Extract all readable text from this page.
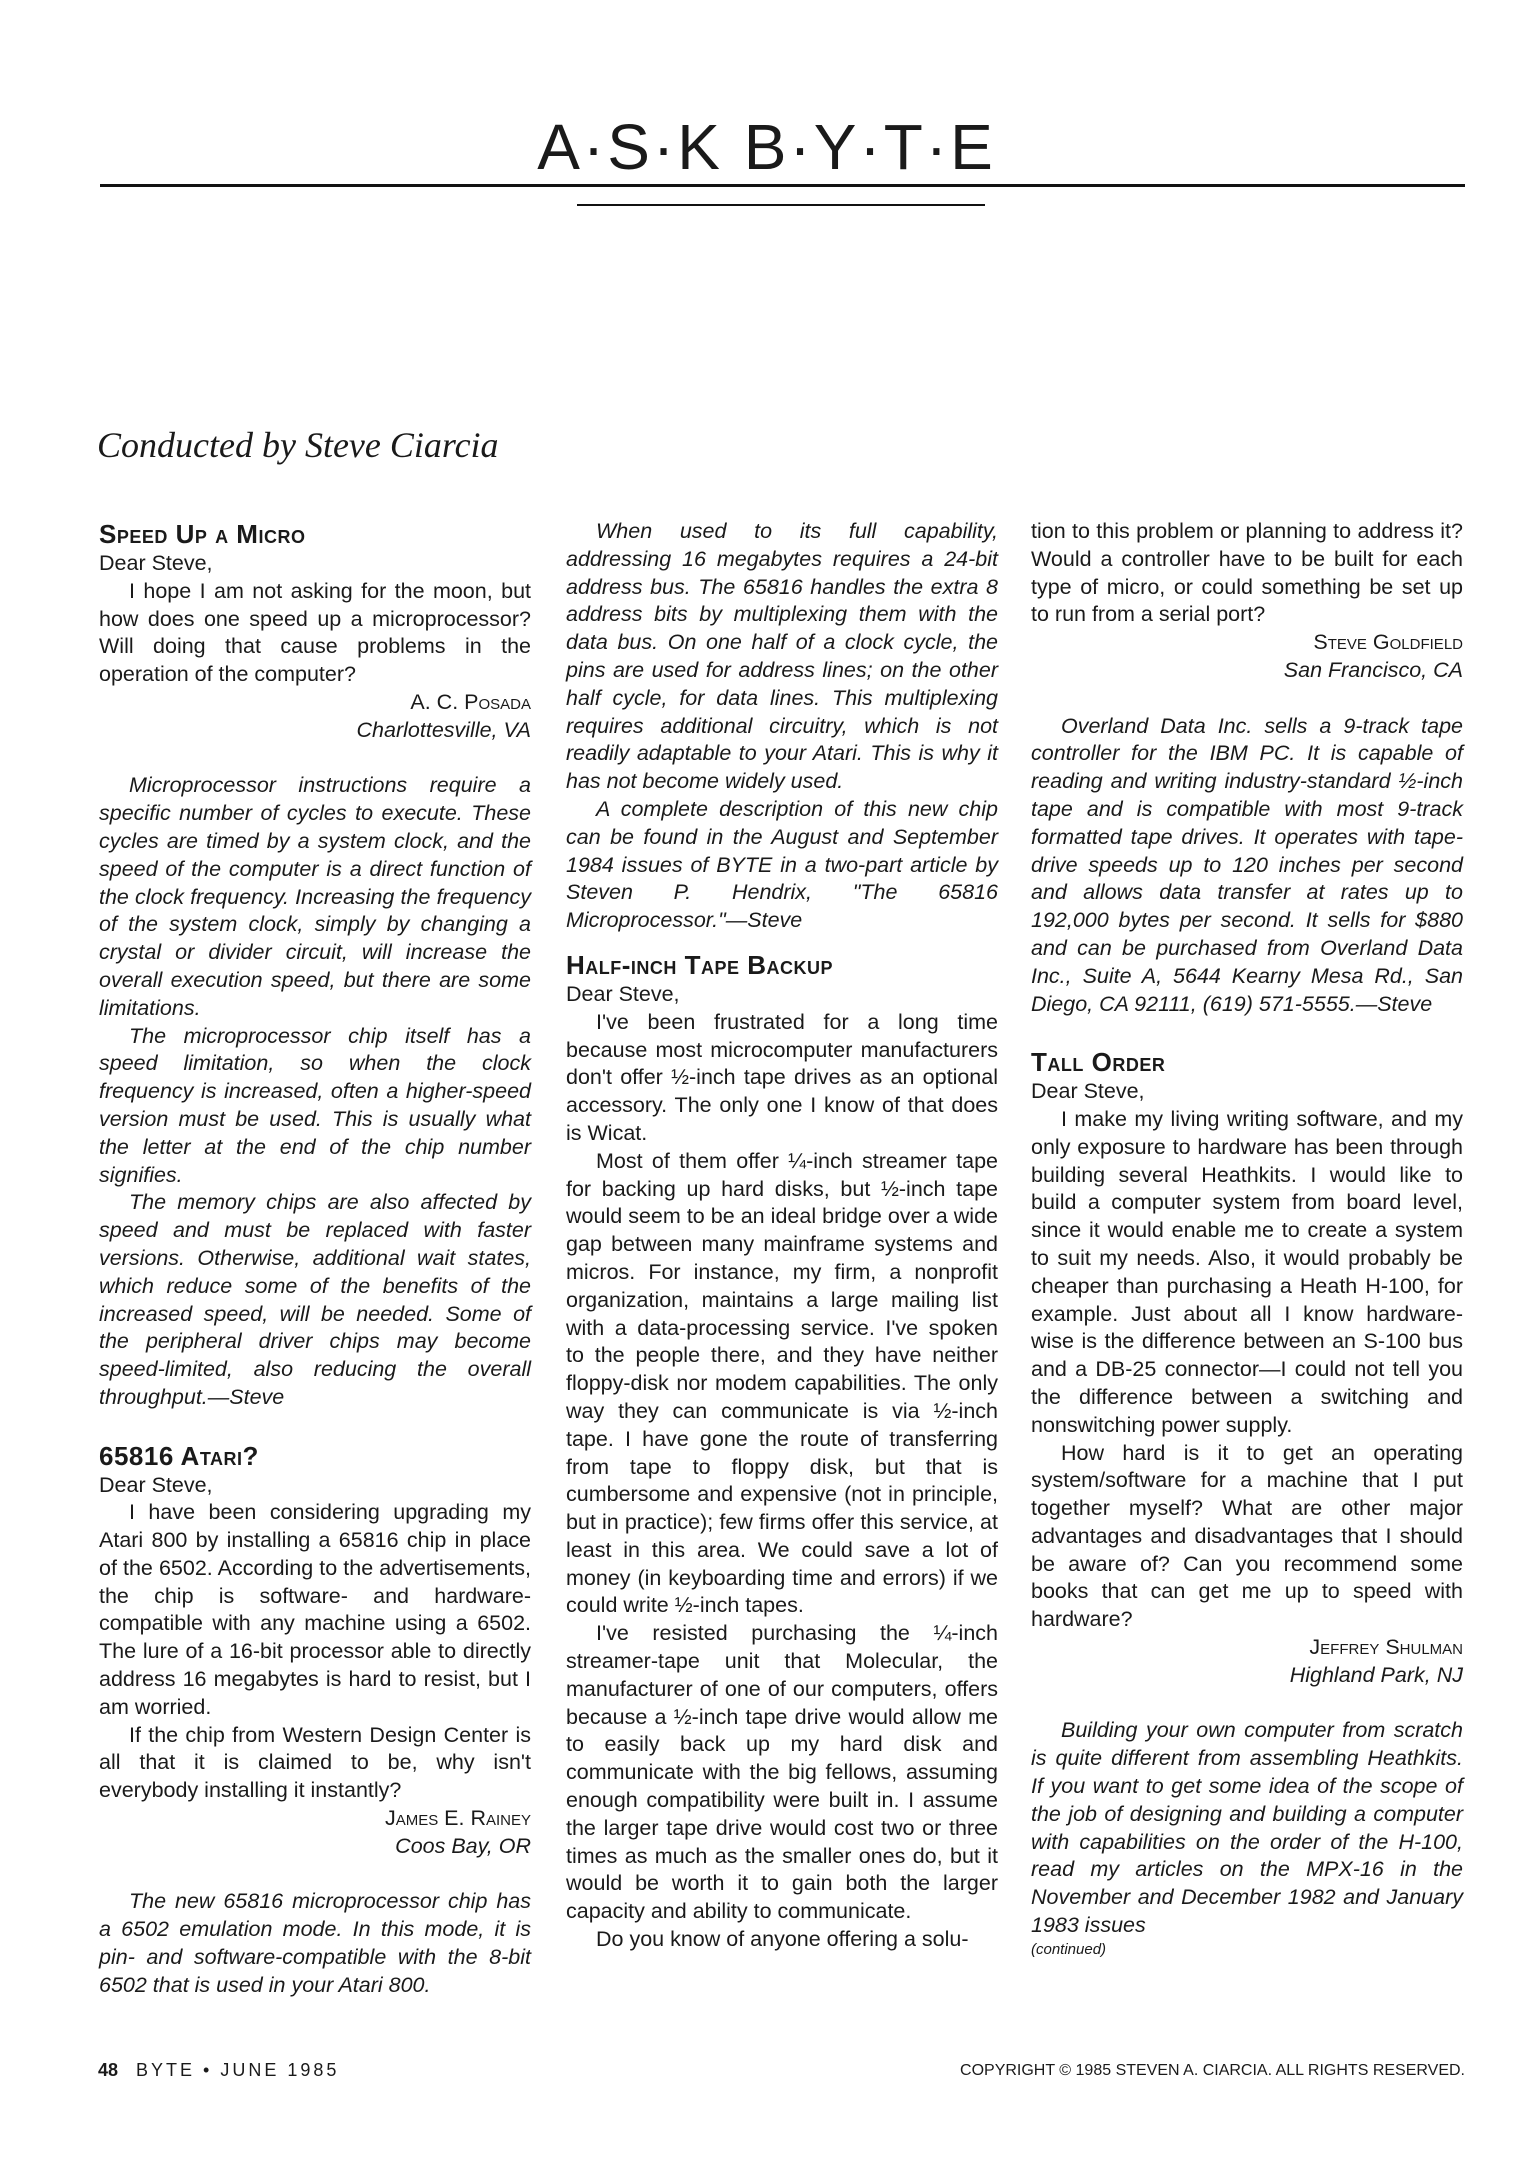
A·S·K B·Y·T·E
Conducted by Steve Ciarcia
Speed Up a Micro

Dear Steve,

I hope I am not asking for the moon, but how does one speed up a microprocessor? Will doing that cause problems in the operation of the computer?

A. C. Posada

Charlottesville, VA

Microprocessor instructions require a specific number of cycles to execute. These cycles are timed by a system clock, and the speed of the computer is a direct function of the clock frequency. Increasing the frequency of the system clock, simply by changing a crystal or divider circuit, will increase the overall execution speed, but there are some limitations.

The microprocessor chip itself has a speed limitation, so when the clock frequency is increased, often a higher-speed version must be used. This is usually what the letter at the end of the chip number signifies.

The memory chips are also affected by speed and must be replaced with faster versions. Otherwise, additional wait states, which reduce some of the benefits of the increased speed, will be needed. Some of the peripheral driver chips may become speed-limited, also reducing the overall throughput.—Steve

65816 Atari?

Dear Steve,

I have been considering upgrading my Atari 800 by installing a 65816 chip in place of the 6502. According to the advertisements, the chip is software- and hardware-compatible with any machine using a 6502. The lure of a 16-bit processor able to directly address 16 megabytes is hard to resist, but I am worried.

If the chip from Western Design Center is all that it is claimed to be, why isn't everybody installing it instantly?

James E. Rainey

Coos Bay, OR

The new 65816 microprocessor chip has a 6502 emulation mode. In this mode, it is pin- and software-compatible with the 8-bit 6502 that is used in your Atari 800.

When used to its full capability, addressing 16 megabytes requires a 24-bit address bus. The 65816 handles the extra 8 address bits by multiplexing them with the data bus. On one half of a clock cycle, the pins are used for address lines; on the other half cycle, for data lines. This multiplexing requires additional circuitry, which is not readily adaptable to your Atari. This is why it has not become widely used.

A complete description of this new chip can be found in the August and September 1984 issues of BYTE in a two-part article by Steven P. Hendrix, "The 65816 Microprocessor."—Steve

Half-inch Tape Backup

Dear Steve,

I've been frustrated for a long time because most microcomputer manufacturers don't offer ½-inch tape drives as an optional accessory. The only one I know of that does is Wicat.

Most of them offer ¼-inch streamer tape for backing up hard disks, but ½-inch tape would seem to be an ideal bridge over a wide gap between many mainframe systems and micros. For instance, my firm, a nonprofit organization, maintains a large mailing list with a data-processing service. I've spoken to the people there, and they have neither floppy-disk nor modem capabilities. The only way they can communicate is via ½-inch tape. I have gone the route of transferring from tape to floppy disk, but that is cumbersome and expensive (not in principle, but in practice); few firms offer this service, at least in this area. We could save a lot of money (in keyboarding time and errors) if we could write ½-inch tapes.

I've resisted purchasing the ¼-inch streamer-tape unit that Molecular, the manufacturer of one of our computers, offers because a ½-inch tape drive would allow me to easily back up my hard disk and communicate with the big fellows, assuming enough compatibility were built in. I assume the larger tape drive would cost two or three times as much as the smaller ones do, but it would be worth it to gain both the larger capacity and ability to communicate.

Do you know of anyone offering a solu-

tion to this problem or planning to address it? Would a controller have to be built for each type of micro, or could something be set up to run from a serial port?

Steve Goldfield

San Francisco, CA

Overland Data Inc. sells a 9-track tape controller for the IBM PC. It is capable of reading and writing industry-standard ½-inch tape and is compatible with most 9-track formatted tape drives. It operates with tape-drive speeds up to 120 inches per second and allows data transfer at rates up to 192,000 bytes per second. It sells for $880 and can be purchased from Overland Data Inc., Suite A, 5644 Kearny Mesa Rd., San Diego, CA 92111, (619) 571-5555.—Steve

Tall Order

Dear Steve,

I make my living writing software, and my only exposure to hardware has been through building several Heathkits. I would like to build a computer system from board level, since it would enable me to create a system to suit my needs. Also, it would probably be cheaper than purchasing a Heath H-100, for example. Just about all I know hardware-wise is the difference between an S-100 bus and a DB-25 connector—I could not tell you the difference between a switching and nonswitching power supply.

How hard is it to get an operating system/software for a machine that I put together myself? What are other major advantages and disadvantages that I should be aware of? Can you recommend some books that can get me up to speed with hardware?

Jeffrey Shulman

Highland Park, NJ

Building your own computer from scratch is quite different from assembling Heathkits. If you want to get some idea of the scope of the job of designing and building a computer with capabilities on the order of the H-100, read my articles on the MPX-16 in the November and December 1982 and January 1983 issues

(continued)

48 BYTE • JUNE 1985	COPYRIGHT © 1985 STEVEN A. CIARCIA. ALL RIGHTS RESERVED.
